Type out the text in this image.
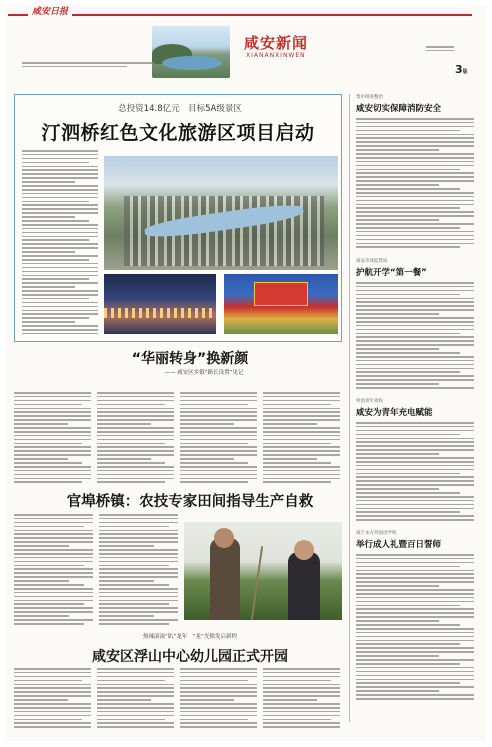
咸安日报
咸安新闻
XIANANXINWEN
3版
总投资14.8亿元　目标5A级景区
汀泗桥红色文化旅游区项目启动
“华丽转身”换新颜
—— 咸安区乡镇“路长设置”见记
官埠桥镇：农技专家田间指导生产自救
热辣滚滚“趴”龙年　“龙”光焕发启新程
咸安区浮山中心幼儿园正式开园
集中排查整治
咸安切实保障消防安全
咸安市场监管局
护航开学“第一餐”
村团青年夜校
咸安为青年充电赋能
咸宁永方外国语学校
举行成人礼暨百日誓师
